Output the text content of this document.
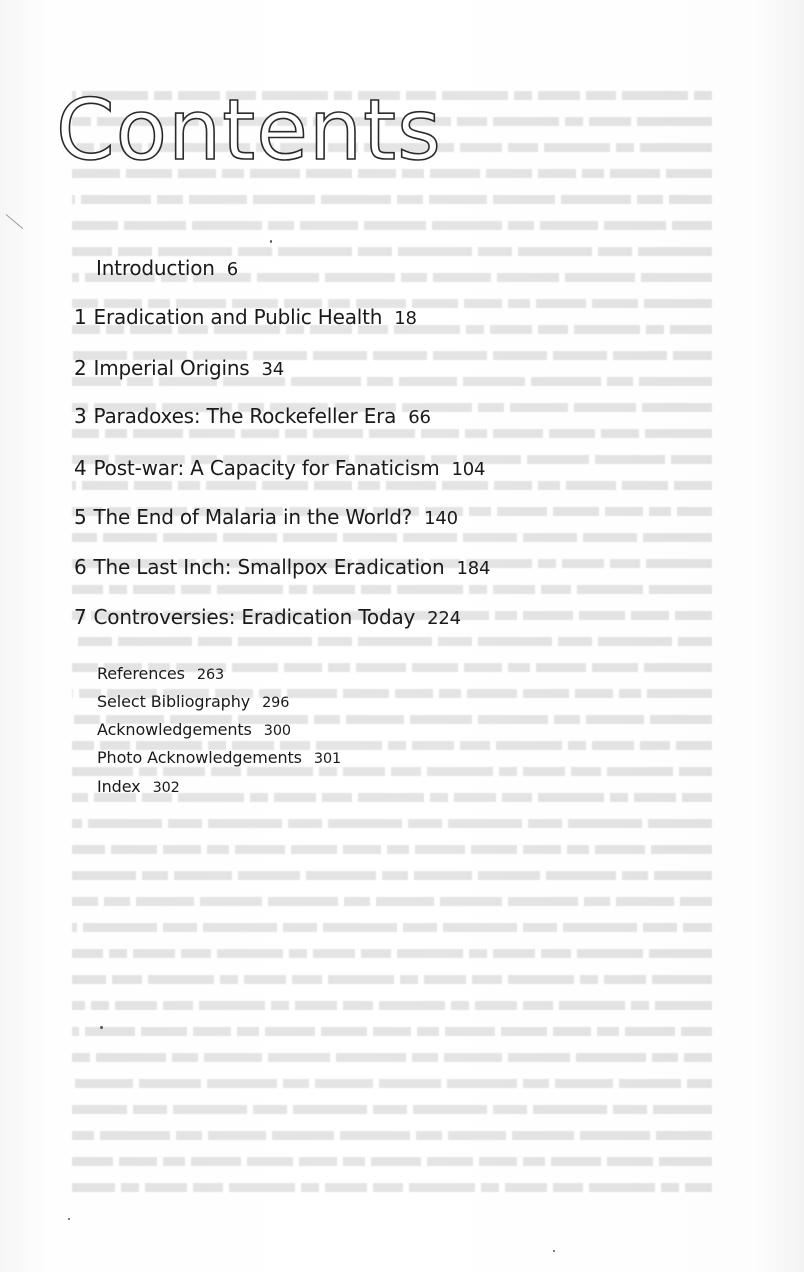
Contents
Introduction 6
1 Eradication and Public Health 18
2 Imperial Origins 34
3 Paradoxes: The Rockefeller Era 66
4 Post-war: A Capacity for Fanaticism 104
5 The End of Malaria in the World? 140
6 The Last Inch: Smallpox Eradication 184
7 Controversies: Eradication Today 224
References 263
Select Bibliography 296
Acknowledgements 300
Photo Acknowledgements 301
Index 302
